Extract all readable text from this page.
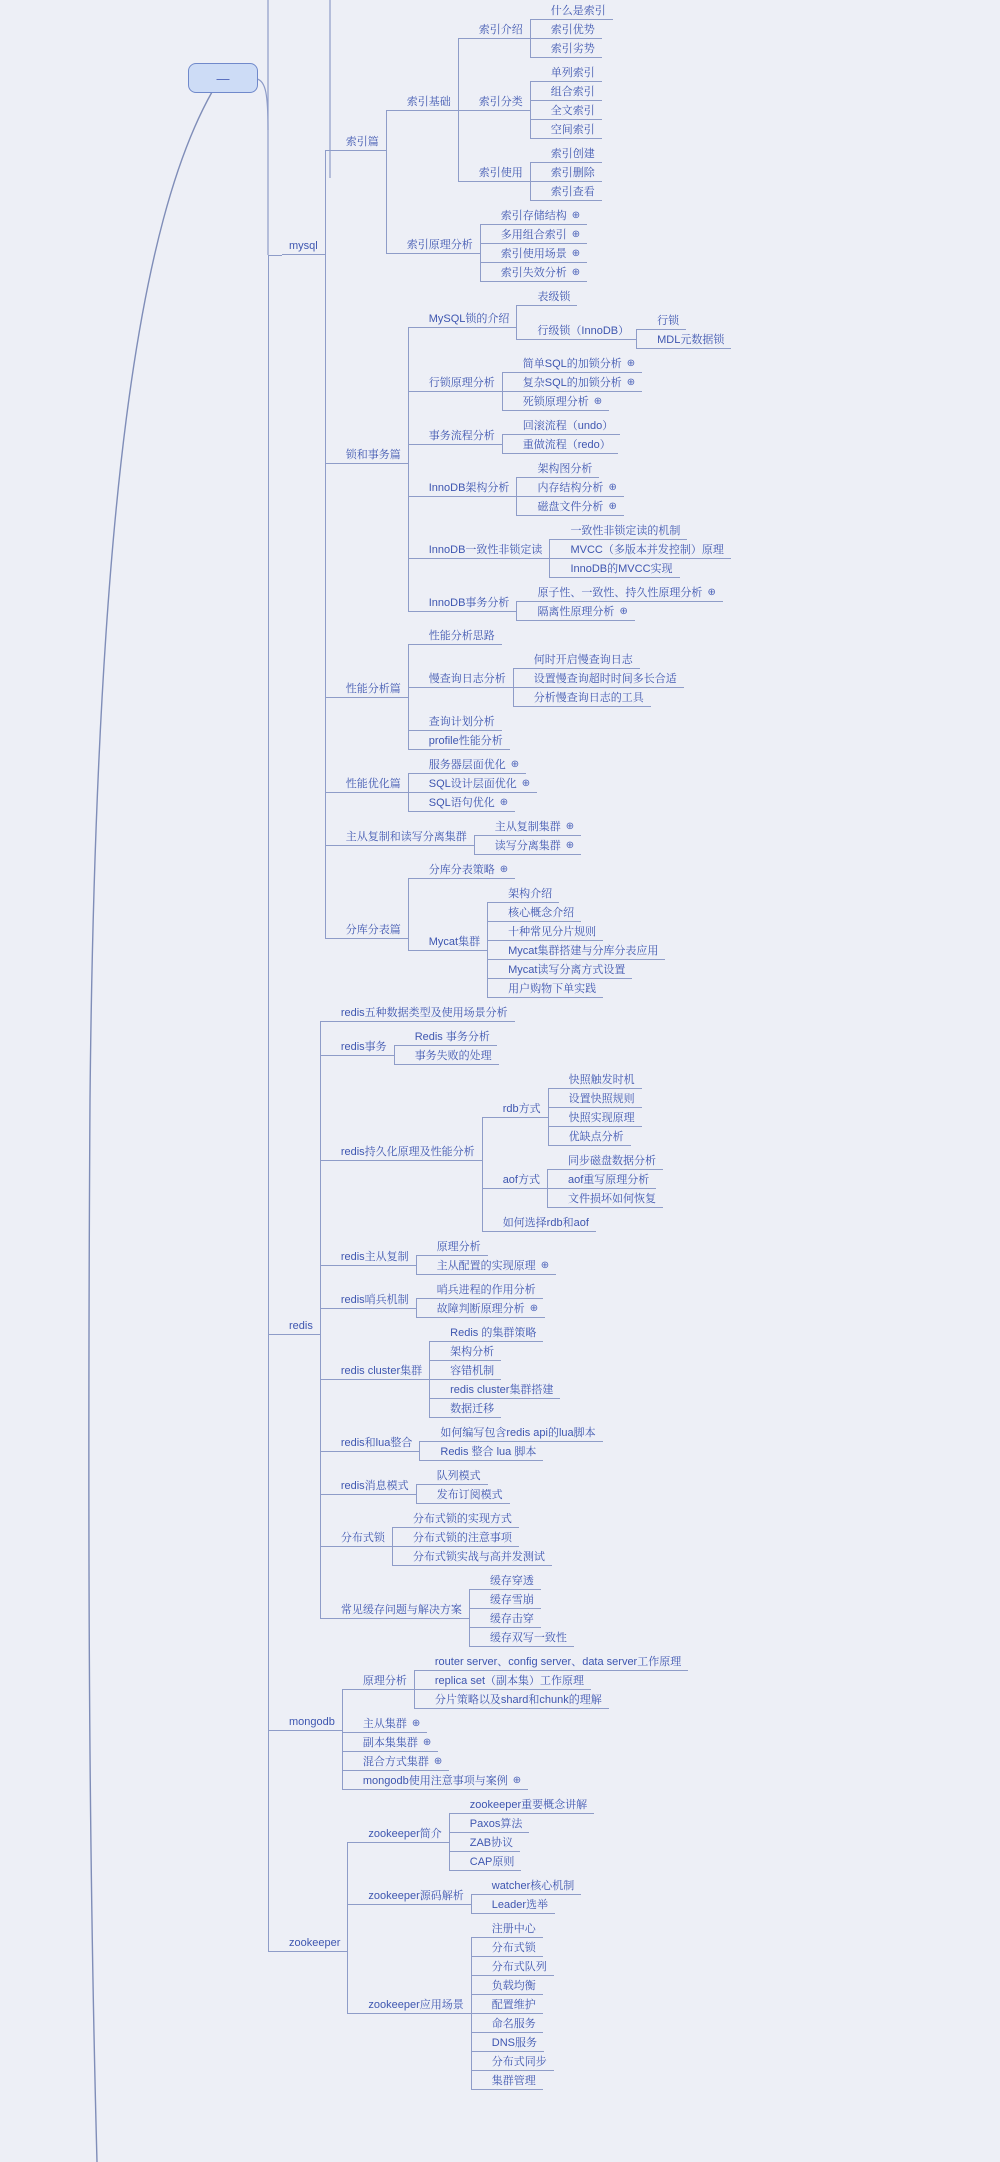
—
mysql
索引篇
索引基础
索引介绍
什么是索引
索引优势
索引劣势
索引分类
单列索引
组合索引
全文索引
空间索引
索引使用
索引创建
索引删除
索引查看
索引原理分析
索引存储结构 ⊕
多用组合索引 ⊕
索引使用场景 ⊕
索引失效分析 ⊕
锁和事务篇
MySQL锁的介绍
表级锁
行级锁（InnoDB）
行锁
MDL元数据锁
行锁原理分析
简单SQL的加锁分析 ⊕
复杂SQL的加锁分析 ⊕
死锁原理分析 ⊕
事务流程分析
回滚流程（undo）
重做流程（redo）
InnoDB架构分析
架构图分析
内存结构分析 ⊕
磁盘文件分析 ⊕
InnoDB一致性非锁定读
一致性非锁定读的机制
MVCC（多版本并发控制）原理
InnoDB的MVCC实现
InnoDB事务分析
原子性、一致性、持久性原理分析 ⊕
隔离性原理分析 ⊕
性能分析篇
性能分析思路
慢查询日志分析
何时开启慢查询日志
设置慢查询超时时间多长合适
分析慢查询日志的工具
查询计划分析
profile性能分析
性能优化篇
服务器层面优化 ⊕
SQL设计层面优化 ⊕
SQL语句优化 ⊕
主从复制和读写分离集群
主从复制集群 ⊕
读写分离集群 ⊕
分库分表篇
分库分表策略 ⊕
Mycat集群
架构介绍
核心概念介绍
十种常见分片规则
Mycat集群搭建与分库分表应用
Mycat读写分离方式设置
用户购物下单实践
redis
redis五种数据类型及使用场景分析
redis事务
Redis 事务分析
事务失败的处理
redis持久化原理及性能分析
rdb方式
快照触发时机
设置快照规则
快照实现原理
优缺点分析
aof方式
同步磁盘数据分析
aof重写原理分析
文件损坏如何恢复
如何选择rdb和aof
redis主从复制
原理分析
主从配置的实现原理 ⊕
redis哨兵机制
哨兵进程的作用分析
故障判断原理分析 ⊕
redis cluster集群
Redis 的集群策略
架构分析
容错机制
redis cluster集群搭建
数据迁移
redis和lua整合
如何编写包含redis api的lua脚本
Redis 整合 lua 脚本
redis消息模式
队列模式
发布订阅模式
分布式锁
分布式锁的实现方式
分布式锁的注意事项
分布式锁实战与高并发测试
常见缓存问题与解决方案
缓存穿透
缓存雪崩
缓存击穿
缓存双写一致性
mongodb
原理分析
router server、config server、data server工作原理
replica set（副本集）工作原理
分片策略以及shard和chunk的理解
主从集群 ⊕
副本集集群 ⊕
混合方式集群 ⊕
mongodb使用注意事项与案例 ⊕
zookeeper
zookeeper简介
zookeeper重要概念讲解
Paxos算法
ZAB协议
CAP原则
zookeeper源码解析
watcher核心机制
Leader选举
zookeeper应用场景
注册中心
分布式锁
分布式队列
负载均衡
配置维护
命名服务
DNS服务
分布式同步
集群管理
